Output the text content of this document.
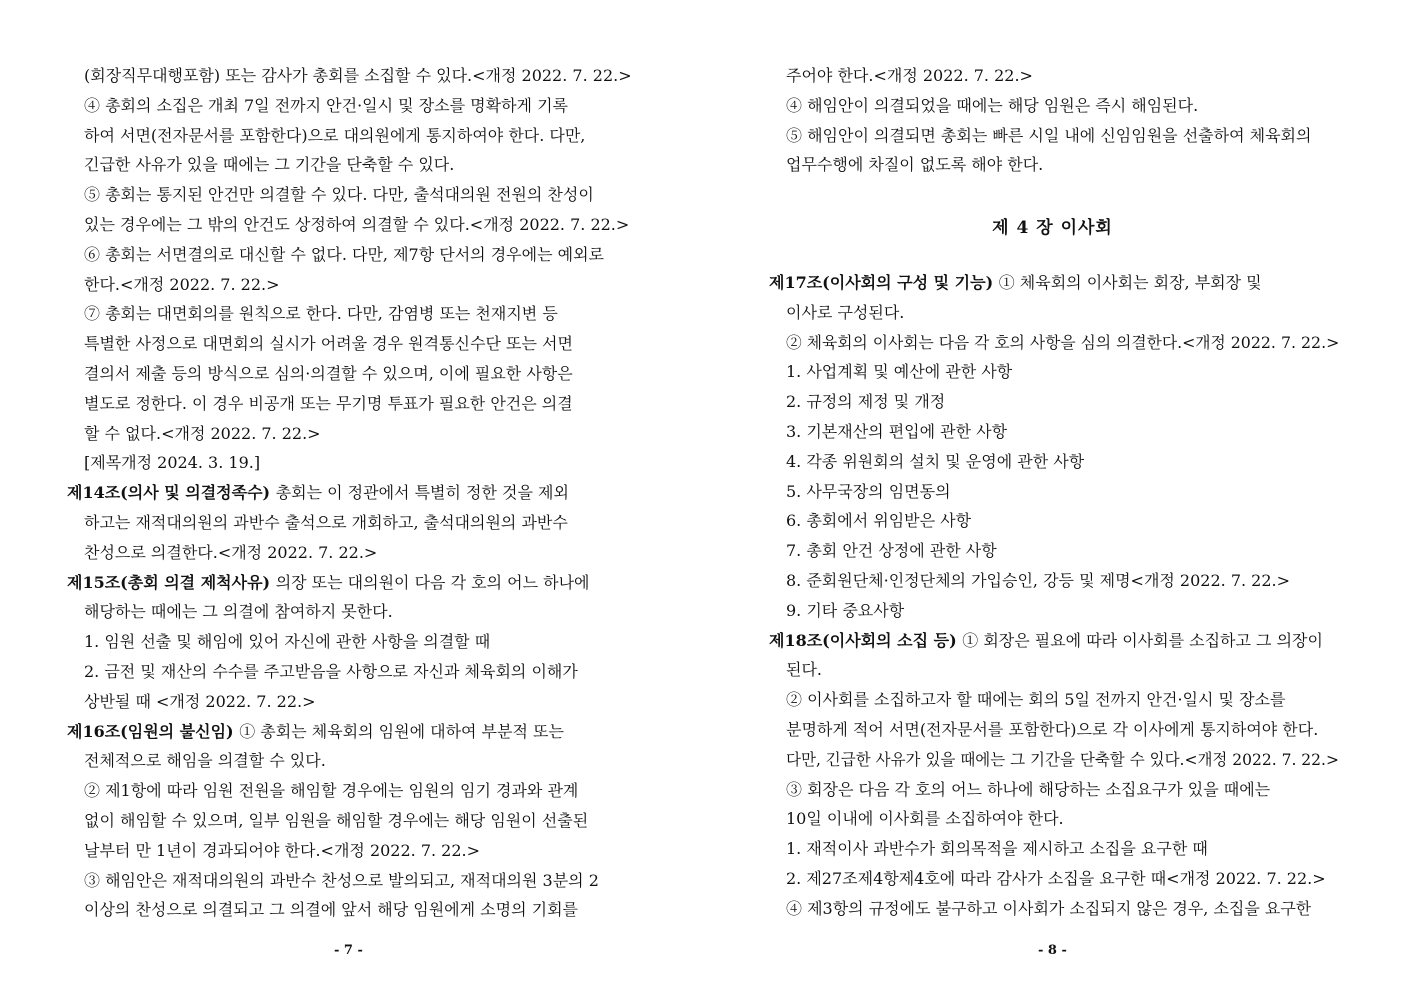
(회장직무대행포함) 또는 감사가 총회를 소집할 수 있다.<개정 2022. 7. 22.>
④ 총회의 소집은 개최 7일 전까지 안건·일시 및 장소를 명확하게 기록
하여 서면(전자문서를 포함한다)으로 대의원에게 통지하여야 한다. 다만,
긴급한 사유가 있을 때에는 그 기간을 단축할 수 있다.
⑤ 총회는 통지된 안건만 의결할 수 있다. 다만, 출석대의원 전원의 찬성이
있는 경우에는 그 밖의 안건도 상정하여 의결할 수 있다.<개정 2022. 7. 22.>
⑥ 총회는 서면결의로 대신할 수 없다. 다만, 제7항 단서의 경우에는 예외로
한다.<개정 2022. 7. 22.>
⑦ 총회는 대면회의를 원칙으로 한다. 다만, 감염병 또는 천재지변 등
특별한 사정으로 대면회의 실시가 어려울 경우 원격통신수단 또는 서면
결의서 제출 등의 방식으로 심의·의결할 수 있으며, 이에 필요한 사항은
별도로 정한다. 이 경우 비공개 또는 무기명 투표가 필요한 안건은 의결
할 수 없다.<개정 2022. 7. 22.>
[제목개정 2024. 3. 19.]
제14조(의사 및 의결정족수) 총회는 이 정관에서 특별히 정한 것을 제외
하고는 재적대의원의 과반수 출석으로 개회하고, 출석대의원의 과반수
찬성으로 의결한다.<개정 2022. 7. 22.>
제15조(총회 의결 제척사유) 의장 또는 대의원이 다음 각 호의 어느 하나에
해당하는 때에는 그 의결에 참여하지 못한다.
1. 임원 선출 및 해임에 있어 자신에 관한 사항을 의결할 때
2. 금전 및 재산의 수수를 주고받음을 사항으로 자신과 체육회의 이해가
상반될 때 <개정 2022. 7. 22.>
제16조(임원의 불신임) ① 총회는 체육회의 임원에 대하여 부분적 또는
전체적으로 해임을 의결할 수 있다.
② 제1항에 따라 임원 전원을 해임할 경우에는 임원의 임기 경과와 관계
없이 해임할 수 있으며, 일부 임원을 해임할 경우에는 해당 임원이 선출된
날부터 만 1년이 경과되어야 한다.<개정 2022. 7. 22.>
③ 해임안은 재적대의원의 과반수 찬성으로 발의되고, 재적대의원 3분의 2
이상의 찬성으로 의결되고 그 의결에 앞서 해당 임원에게 소명의 기회를
- 7 -
주어야 한다.<개정 2022. 7. 22.>
④ 해임안이 의결되었을 때에는 해당 임원은 즉시 해임된다.
⑤ 해임안이 의결되면 총회는 빠른 시일 내에 신임임원을 선출하여 체육회의
업무수행에 차질이 없도록 해야 한다.
제 4 장 이사회
제17조(이사회의 구성 및 기능) ① 체육회의 이사회는 회장, 부회장 및
이사로 구성된다.
② 체육회의 이사회는 다음 각 호의 사항을 심의 의결한다.<개정 2022. 7. 22.>
1. 사업계획 및 예산에 관한 사항
2. 규정의 제정 및 개정
3. 기본재산의 편입에 관한 사항
4. 각종 위원회의 설치 및 운영에 관한 사항
5. 사무국장의 임면동의
6. 총회에서 위임받은 사항
7. 총회 안건 상정에 관한 사항
8. 준회원단체·인정단체의 가입승인, 강등 및 제명<개정 2022. 7. 22.>
9. 기타 중요사항
제18조(이사회의 소집 등) ① 회장은 필요에 따라 이사회를 소집하고 그 의장이
된다.
② 이사회를 소집하고자 할 때에는 회의 5일 전까지 안건·일시 및 장소를
분명하게 적어 서면(전자문서를 포함한다)으로 각 이사에게 통지하여야 한다.
다만, 긴급한 사유가 있을 때에는 그 기간을 단축할 수 있다.<개정 2022. 7. 22.>
③ 회장은 다음 각 호의 어느 하나에 해당하는 소집요구가 있을 때에는
10일 이내에 이사회를 소집하여야 한다.
1. 재적이사 과반수가 회의목적을 제시하고 소집을 요구한 때
2. 제27조제4항제4호에 따라 감사가 소집을 요구한 때<개정 2022. 7. 22.>
④ 제3항의 규정에도 불구하고 이사회가 소집되지 않은 경우, 소집을 요구한
- 8 -
